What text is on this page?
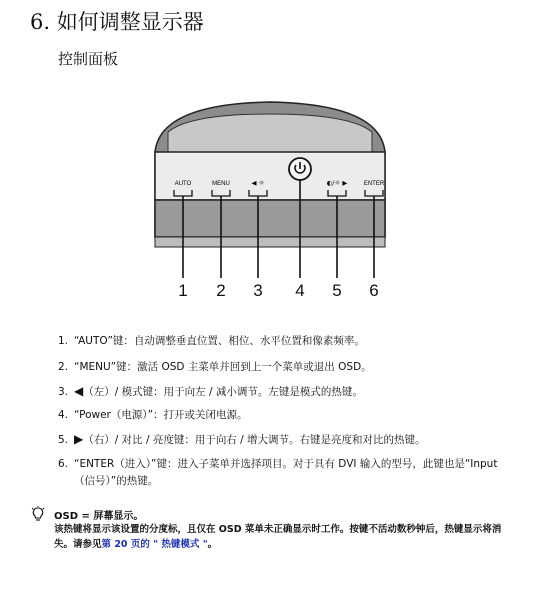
6. 如何调整显示器
控制面板
AUTO	MENU	◀ ☼	◐/☼ ▶	ENTER
1 2 3 4 5 6
1. “AUTO”键：自动调整垂直位置、相位、水平位置和像素频率。
2. “MENU”键：激活 OSD 主菜单并回到上一个菜单或退出 OSD。
3. ◀（左）/ 模式键：用于向左 / 减小调节。左键是模式的热键。
4. “Power（电源）”：打开或关闭电源。
5. ▶（右）/ 对比 / 亮度键：用于向右 / 增大调节。右键是亮度和对比的热键。
6. “ENTER（进入）”键：进入子菜单并选择项目。对于具有 DVI 输入的型号，此键也是“Input（信号）”的热键。
OSD = 屏幕显示。
该热键将显示该设置的分度标，且仅在 OSD 菜单未正确显示时工作。按键不活动数秒钟后，热键显示将消失。请参见第 20 页的 " 热键模式 "。
